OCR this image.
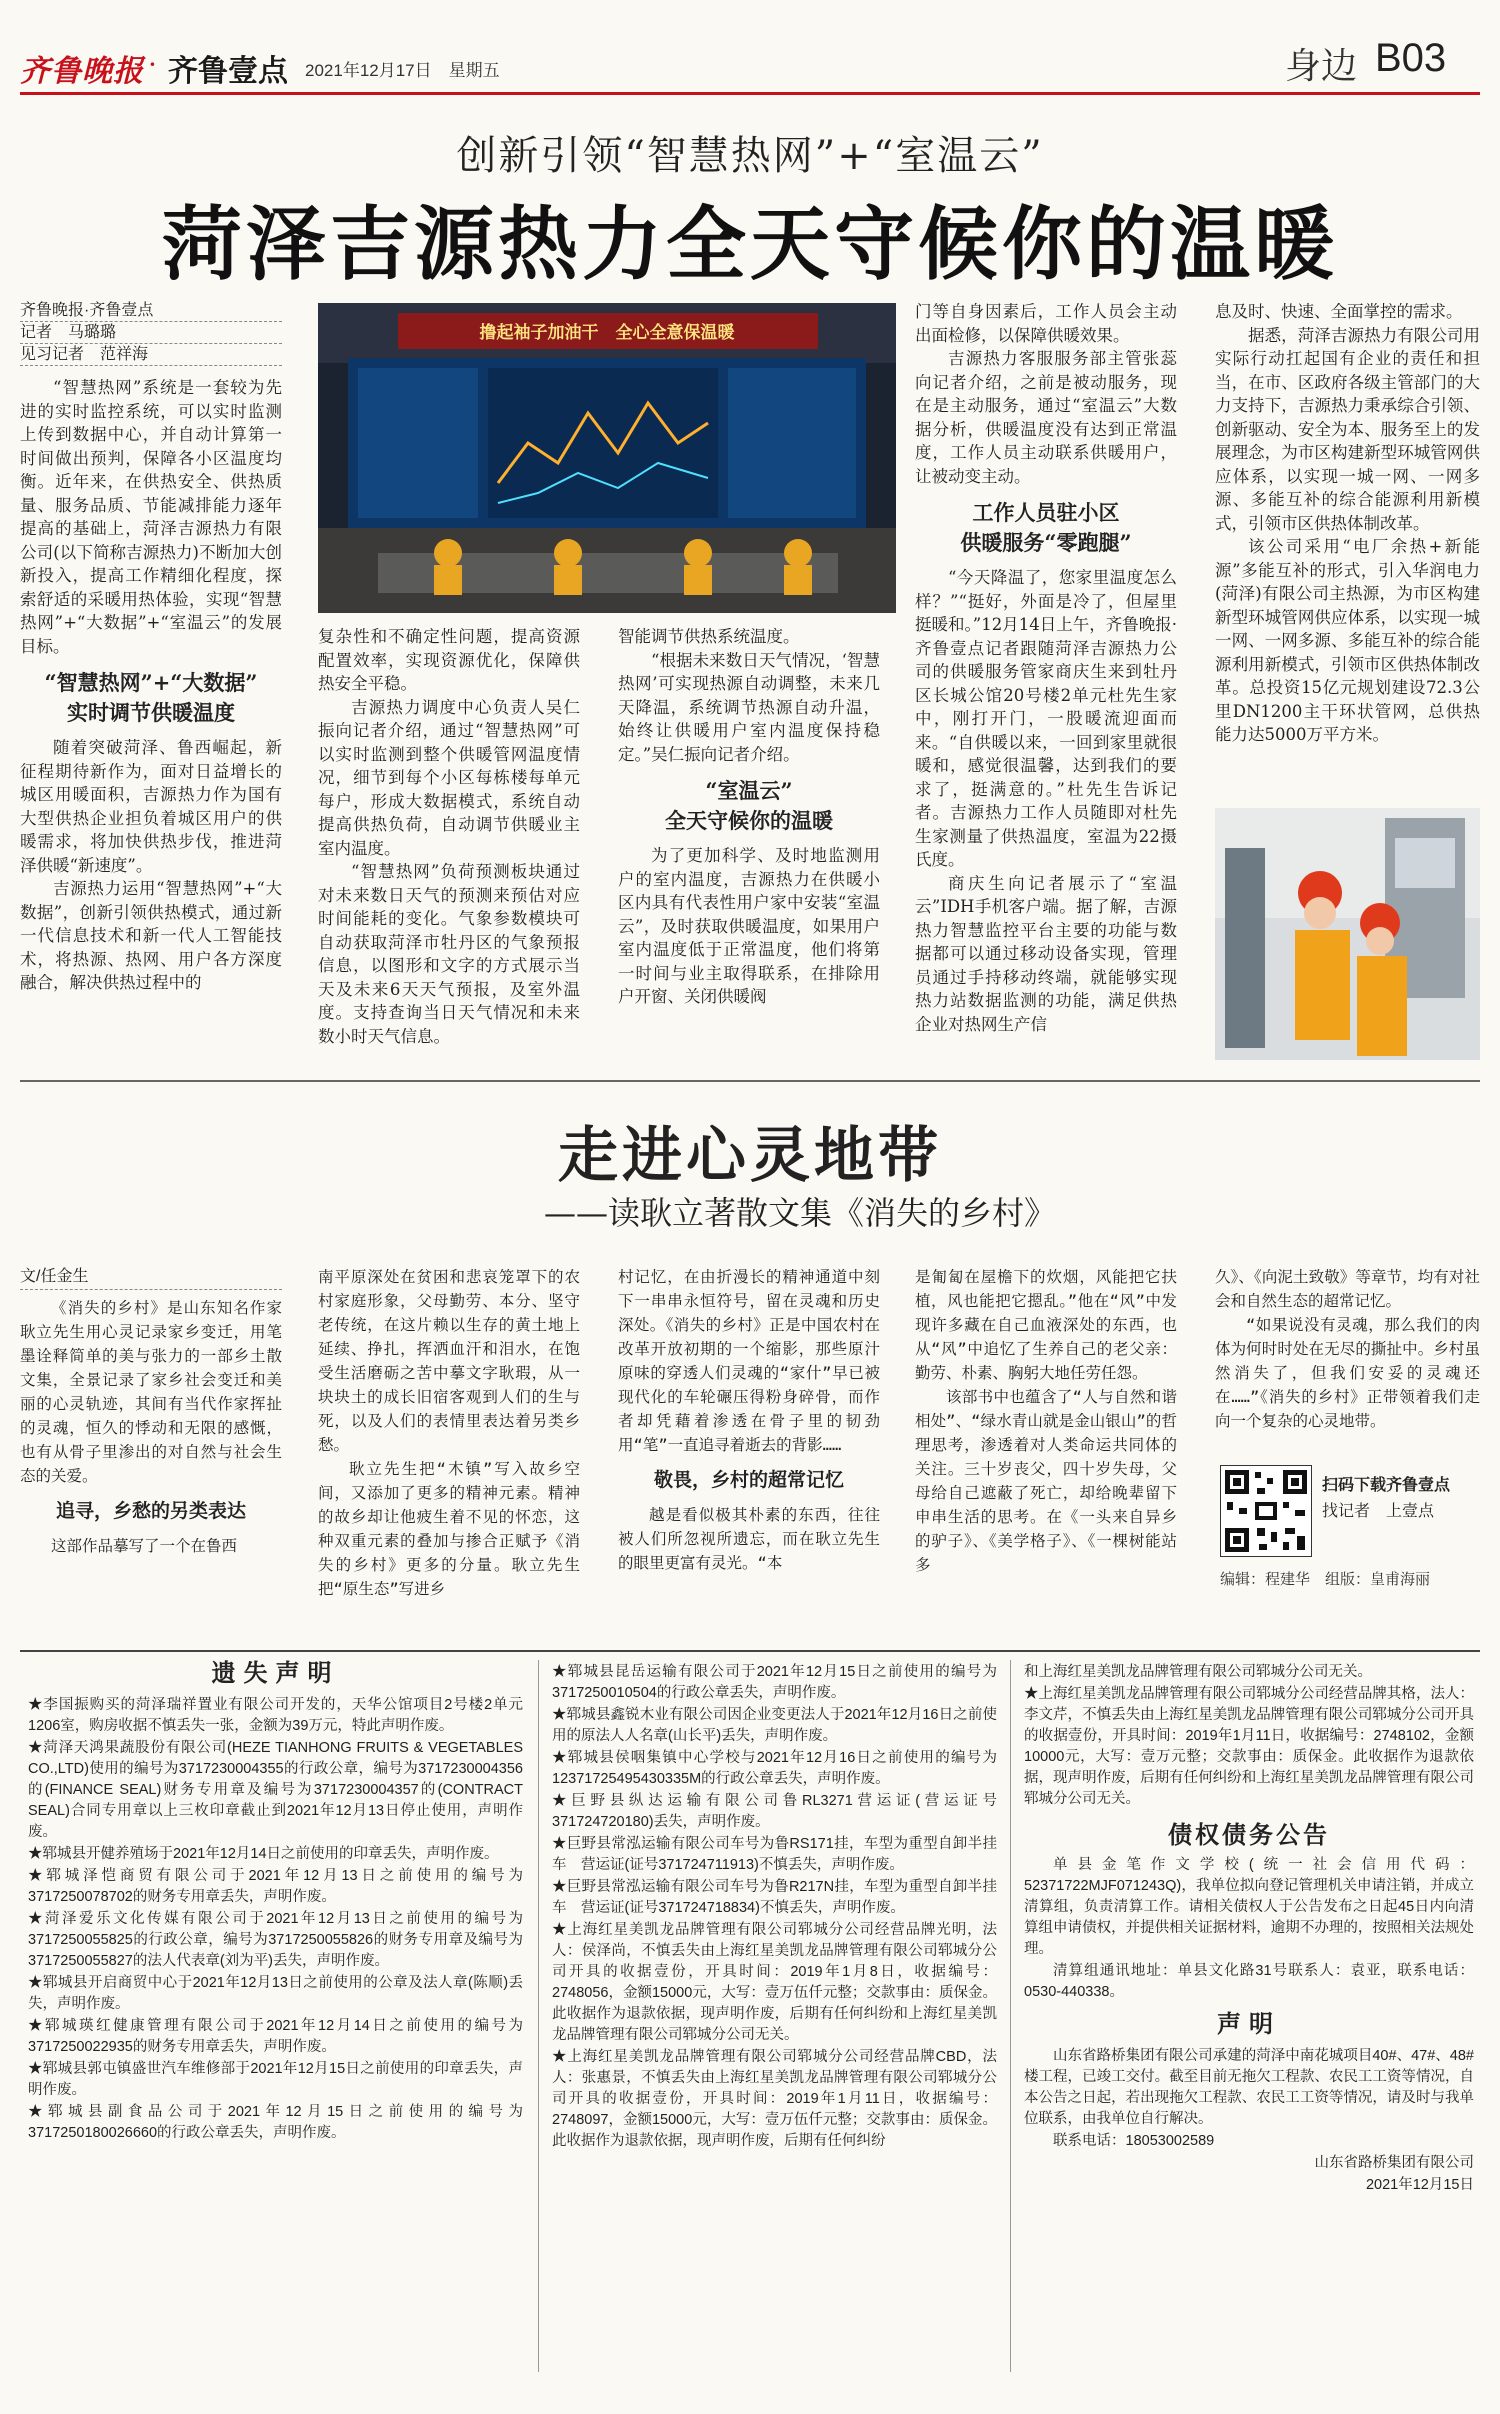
齐鲁晚报 · 齐鲁壹点 2021年12月17日　星期五	身边 B03
创新引领“智慧热网”+“室温云”
菏泽吉源热力全天守候你的温暖
齐鲁晚报·齐鲁壹点
记者　马璐璐
见习记者　范祥海

“智慧热网”系统是一套较为先进的实时监控系统，可以实时监测上传到数据中心，并自动计算第一时间做出预判，保障各小区温度均衡。近年来，在供热安全、供热质量、服务品质、节能减排能力逐年提高的基础上，菏泽吉源热力有限公司(以下简称吉源热力)不断加大创新投入，提高工作精细化程度，探索舒适的采暖用热体验，实现“智慧热网”+“大数据”+“室温云”的发展目标。

“智慧热网”+“大数据”
实时调节供暖温度

随着突破菏泽、鲁西崛起，新征程期待新作为，面对日益增长的城区用暖面积，吉源热力作为国有大型供热企业担负着城区用户的供暖需求，将加快供热步伐，推进菏泽供暖“新速度”。

吉源热力运用“智慧热网”+“大数据”，创新引领供热模式，通过新一代信息技术和新一代人工智能技术，将热源、热网、用户各方深度融合，解决供热过程中的

撸起袖子加油干　全心全意保温暖

复杂性和不确定性问题，提高资源配置效率，实现资源优化，保障供热安全平稳。

吉源热力调度中心负责人吴仁振向记者介绍，通过“智慧热网”可以实时监测到整个供暖管网温度情况，细节到每个小区每栋楼每单元每户，形成大数据模式，系统自动提高供热负荷，自动调节供暖业主室内温度。

“智慧热网”负荷预测板块通过对未来数日天气的预测来预估对应时间能耗的变化。气象参数模块可自动获取菏泽市牡丹区的气象预报信息，以图形和文字的方式展示当天及未来6天天气预报，及室外温度。支持查询当日天气情况和未来数小时天气信息。

智能调节供热系统温度。

“根据未来数日天气情况，‘智慧热网’可实现热源自动调整，未来几天降温，系统调节热源自动升温，始终让供暖用户室内温度保持稳定。”吴仁振向记者介绍。

“室温云”
全天守候你的温暖

为了更加科学、及时地监测用户的室内温度，吉源热力在供暖小区内具有代表性用户家中安装“室温云”，及时获取供暖温度，如果用户室内温度低于正常温度，他们将第一时间与业主取得联系，在排除用户开窗、关闭供暖阀

门等自身因素后，工作人员会主动出面检修，以保障供暖效果。

吉源热力客服服务部主管张蕊向记者介绍，之前是被动服务，现在是主动服务，通过“室温云”大数据分析，供暖温度没有达到正常温度，工作人员主动联系供暖用户，让被动变主动。

工作人员驻小区
供暖服务“零跑腿”

“今天降温了，您家里温度怎么样？”“挺好，外面是冷了，但屋里挺暖和。”12月14日上午，齐鲁晚报·齐鲁壹点记者跟随菏泽吉源热力公司的供暖服务管家商庆生来到牡丹区长城公馆20号楼2单元杜先生家中，刚打开门，一股暖流迎面而来。“自供暖以来，一回到家里就很暖和，感觉很温馨，达到我们的要求了，挺满意的。”杜先生告诉记者。吉源热力工作人员随即对杜先生家测量了供热温度，室温为22摄氏度。

商庆生向记者展示了“室温云”IDH手机客户端。据了解，吉源热力智慧监控平台主要的功能与数据都可以通过移动设备实现，管理员通过手持移动终端，就能够实现热力站数据监测的功能，满足供热企业对热网生产信

息及时、快速、全面掌控的需求。

据悉，菏泽吉源热力有限公司用实际行动扛起国有企业的责任和担当，在市、区政府各级主管部门的大力支持下，吉源热力秉承综合引领、创新驱动、安全为本、服务至上的发展理念，为市区构建新型环城管网供应体系，以实现一城一网、一网多源、多能互补的综合能源利用新模式，引领市区供热体制改革。

该公司采用“电厂余热+新能源”多能互补的形式，引入华润电力(菏泽)有限公司主热源，为市区构建新型环城管网供应体系，以实现一城一网、一网多源、多能互补的综合能源利用新模式，引领市区供热体制改革。总投资15亿元规划建设72.3公里DN1200主干环状管网，总供热能力达5000万平方米。

走进心灵地带
——读耿立著散文集《消失的乡村》
文/任金生

《消失的乡村》是山东知名作家耿立先生用心灵记录家乡变迁，用笔墨诠释简单的美与张力的一部乡土散文集，全景记录了家乡社会变迁和美丽的心灵轨迹，其间有当代作家挥扯的灵魂，恒久的悸动和无限的感慨，也有从骨子里渗出的对自然与社会生态的关爱。

追寻，乡愁的另类表达

这部作品摹写了一个在鲁西

南平原深处在贫困和悲哀笼罩下的农村家庭形象，父母勤劳、本分、坚守老传统，在这片赖以生存的黄土地上延续、挣扎，挥洒血汗和泪水，在饱受生活磨砺之苦中摹文字耿瑕，从一块块土的成长旧宿客观到人们的生与死，以及人们的表情里表达着另类乡愁。

耿立先生把“木镇”写入故乡空间，又添加了更多的精神元素。精神的故乡却让他疲生着不见的怀恋，这种双重元素的叠加与掺合正赋予《消失的乡村》更多的分量。耿立先生把“原生态”写进乡

村记忆，在由折漫长的精神通道中刻下一串串永恒符号，留在灵魂和历史深处。《消失的乡村》正是中国农村在改革开放初期的一个缩影，那些原汁原味的穿透人们灵魂的“家什”早已被现代化的车轮碾压得粉身碎骨，而作者却凭藉着渗透在骨子里的韧劲用“笔”一直追寻着逝去的背影……

敬畏，乡村的超常记忆

越是看似极其朴素的东西，往往被人们所忽视所遗忘，而在耿立先生的眼里更富有灵光。“本

是匍匐在屋檐下的炊烟，风能把它扶植，风也能把它摁乱。”他在“风”中发现许多藏在自己血液深处的东西，也从“风”中追忆了生养自己的老父亲：勤劳、朴素、胸躬大地任劳任怨。

该部书中也蕴含了“人与自然和谐相处”、“绿水青山就是金山银山”的哲理思考，渗透着对人类命运共同体的关注。三十岁丧父，四十岁失母，父母给自己遮蔽了死亡，却给晚辈留下申串生活的思考。在《一头来自异乡的驴子》、《美学格子》、《一棵树能站多

久》、《向泥土致敬》等章节，均有对社会和自然生态的超常记忆。

“如果说没有灵魂，那么我们的肉体为何时时处在无尽的撕扯中。乡村虽然消失了，但我们安妥的灵魂还在……”《消失的乡村》正带领着我们走向一个复杂的心灵地带。

扫码下载齐鲁壹点
找记者　上壹点
编辑：程建华　组版：皇甫海丽
遗失声明

★李国振购买的菏泽瑞祥置业有限公司开发的，天华公馆项目2号楼2单元1206室，购房收据不慎丢失一张，金额为39万元，特此声明作废。

★菏泽天鸿果蔬股份有限公司(HEZE TIANHONG FRUITS & VEGETABLES CO.,LTD)使用的编号为3717230004355的行政公章，编号为3717230004356的(FINANCE SEAL)财务专用章及编号为3717230004357的(CONTRACT SEAL)合同专用章以上三枚印章截止到2021年12月13日停止使用，声明作废。

★郓城县开健养殖场于2021年12月14日之前使用的印章丢失，声明作废。

★郓城泽恺商贸有限公司于2021年12月13日之前使用的编号为3717250078702的财务专用章丢失，声明作废。

★菏泽爱乐文化传媒有限公司于2021年12月13日之前使用的编号为3717250055825的行政公章，编号为3717250055826的财务专用章及编号为3717250055827的法人代表章(刘为平)丢失，声明作废。

★郓城县开启商贸中心于2021年12月13日之前使用的公章及法人章(陈顺)丢失，声明作废。

★郓城瑛红健康管理有限公司于2021年12月14日之前使用的编号为3717250022935的财务专用章丢失，声明作废。

★郓城县郭屯镇盛世汽车维修部于2021年12月15日之前使用的印章丢失，声明作废。

★郓城县副食品公司于2021年12月15日之前使用的编号为3717250180026660的行政公章丢失，声明作废。

★郓城县昆岳运输有限公司于2021年12月15日之前使用的编号为3717250010504的行政公章丢失，声明作废。

★郓城县鑫锐木业有限公司因企业变更法人于2021年12月16日之前使用的原法人人名章(山长平)丢失，声明作废。

★郓城县侯咽集镇中心学校与2021年12月16日之前使用的编号为12371725495430335M的行政公章丢失，声明作废。

★巨野县纵达运输有限公司鲁RL3271营运证(营运证号371724720180)丢失，声明作废。

★巨野县常泓运输有限公司车号为鲁RS171挂，车型为重型自卸半挂车　营运证(证号371724711913)不慎丢失，声明作废。

★巨野县常泓运输有限公司车号为鲁R217N挂，车型为重型自卸半挂车　营运证(证号371724718834)不慎丢失，声明作废。

★上海红星美凯龙品牌管理有限公司郓城分公司经营品牌光明，法人：侯泽尚，不慎丢失由上海红星美凯龙品牌管理有限公司郓城分公司开具的收据壹份，开具时间：2019年1月8日，收据编号：2748056，金额15000元，大写：壹万伍仟元整；交款事由：质保金。此收据作为退款依据，现声明作废，后期有任何纠纷和上海红星美凯龙品牌管理有限公司郓城分公司无关。

★上海红星美凯龙品牌管理有限公司郓城分公司经营品牌CBD，法人：张惠景，不慎丢失由上海红星美凯龙品牌管理有限公司郓城分公司开具的收据壹份，开具时间：2019年1月11日，收据编号：2748097，金额15000元，大写：壹万伍仟元整；交款事由：质保金。此收据作为退款依据，现声明作废，后期有任何纠纷

和上海红星美凯龙品牌管理有限公司郓城分公司无关。

★上海红星美凯龙品牌管理有限公司郓城分公司经营品牌其格，法人：李文芹，不慎丢失由上海红星美凯龙品牌管理有限公司郓城分公司开具的收据壹份，开具时间：2019年1月11日，收据编号：2748102，金额10000元，大写：壹万元整；交款事由：质保金。此收据作为退款依据，现声明作废，后期有任何纠纷和上海红星美凯龙品牌管理有限公司郓城分公司无关。

债权债务公告

单县金笔作文学校(统一社会信用代码：52371722MJF071243Q)，我单位拟向登记管理机关申请注销，并成立清算组，负责清算工作。请相关债权人于公告发布之日起45日内向清算组申请债权，并提供相关证据材料，逾期不办理的，按照相关法规处理。

清算组通讯地址：单县文化路31号联系人：袁亚，联系电话：0530-440338。

声明

山东省路桥集团有限公司承建的菏泽中南花城项目40#、47#、48#楼工程，已竣工交付。截至目前无拖欠工程款、农民工工资等情况，自本公告之日起，若出现拖欠工程款、农民工工资等情况，请及时与我单位联系，由我单位自行解决。

联系电话：18053002589

山东省路桥集团有限公司

2021年12月15日
